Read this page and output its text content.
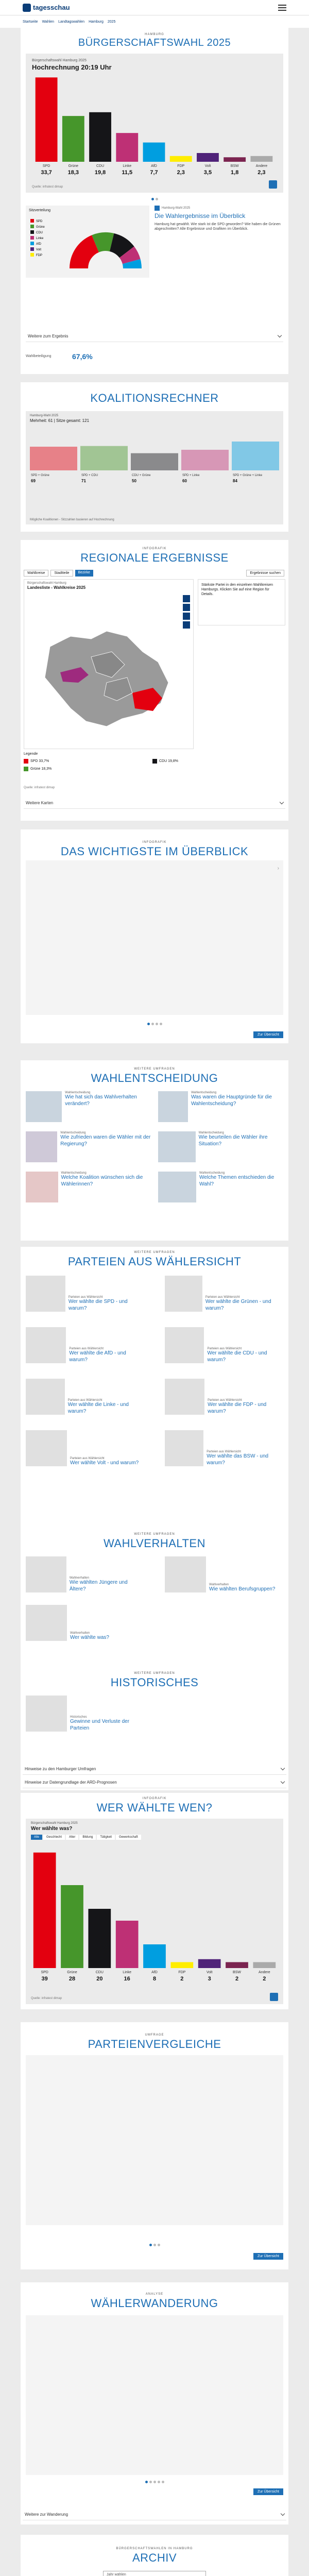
tagesschau
Startseite Wahlen Landtagswahlen Hamburg 2025
HAMBURG
BÜRGERSCHAFTSWAHL 2025
Bürgerschaftswahl Hamburg 2025
Hochrechnung 20:19 Uhr
SPD
33,7
Grüne
18,3
CDU
19,8
Linke
11,5
AfD
7,7
FDP
2,3
Volt
3,5
BSW
1,8
Andere
2,3
Quelle: infratest dimap
Sitzverteilung
SPD
Grüne
CDU
Linke
AfD
Volt
FDP
Hamburg-Wahl 2025
Die Wahlergebnisse im Überblick
Hamburg hat gewählt. Wie stark ist die SPD geworden? Wie haben die Grünen abgeschnitten? Alle Ergebnisse und Grafiken im Überblick.
Weitere zum Ergebnis
Wahlbeteiligung	67,6%
KOALITIONSRECHNER
Hamburg-Wahl 2025
Mehrheit: 61 | Sitze gesamt: 121
SPD + Grüne
69
SPD + CDU
71
CDU + Grüne
50
SPD + Linke
60
SPD + Grüne + Linke
84
Mögliche Koalitionen - Sitzzahlen basieren auf Hochrechnung
INFOGRAFIK
REGIONALE ERGEBNISSE
Wahlkreise	Stadtteile	Bezirke	Ergebnisse suchen
Bürgerschaftswahl Hamburg
Landesliste - Wahlkreise 2025
Stärkste Partei in den einzelnen Wahlkreisen Hamburgs. Klicken Sie auf eine Region für Details.
Legende
SPD 33,7%	CDU 19,8%
Grüne 18,3%
Quelle: infratest dimap
Weitere Karten
INFOGRAFIK
DAS WICHTIGSTE IM ÜBERBLICK
›
Zur Übersicht
WEITERE UMFRAGEN
WAHLENTSCHEIDUNG
Wahlentscheidung
Wie hat sich das Wahlverhalten verändert?
Wahlentscheidung
Was waren die Hauptgründe für die Wahlentscheidung?
Wahlentscheidung
Wie zufrieden waren die Wähler mit der Regierung?
Wahlentscheidung
Wie beurteilen die Wähler ihre Situation?
Wahlentscheidung
Welche Koalition wünschen sich die Wählerinnen?
Wahlentscheidung
Welche Themen entschieden die Wahl?
WEITERE UMFRAGEN
PARTEIEN AUS WÄHLERSICHT
Parteien aus Wählersicht
Wer wählte die SPD - und warum?
Parteien aus Wählersicht
Wer wählte die Grünen - und warum?
Parteien aus Wählersicht
Wer wählte die AfD - und warum?
Parteien aus Wählersicht
Wer wählte die CDU - und warum?
Parteien aus Wählersicht
Wer wählte die Linke - und warum?
Parteien aus Wählersicht
Wer wählte die FDP - und warum?
Parteien aus Wählersicht
Wer wählte Volt - und warum?
Parteien aus Wählersicht
Wer wählte das BSW - und warum?
WEITERE UMFRAGEN
WAHLVERHALTEN
Wahlverhalten
Wie wählten Jüngere und Ältere?
Wahlverhalten
Wie wählten Berufsgruppen?
Wahlverhalten
Wer wählte was?
WEITERE UMFRAGEN
HISTORISCHES
Historisches
Gewinne und Verluste der Parteien
Hinweise zu den Hamburger Umfragen
Hinweise zur Datengrundlage der ARD-Prognosen
INFOGRAFIK
WER WÄHLTE WEN?
Bürgerschaftswahl Hamburg 2025
Wer wählte was?
Alle	Geschlecht	Alter	Bildung	Tätigkeit	Gewerkschaft
SPD
39
Grüne
28
CDU
20
Linke
16
AfD
8
FDP
2
Volt
3
BSW
2
Andere
2
Quelle: infratest dimap
UMFRAGE
PARTEIENVERGLEICHE
Zur Übersicht
ANALYSE
WÄHLERWANDERUNG
Zur Übersicht
Weitere zur Wanderung
BÜRGERSCHAFTSWAHLEN IN HAMBURG
ARCHIV
Jahr wählen
